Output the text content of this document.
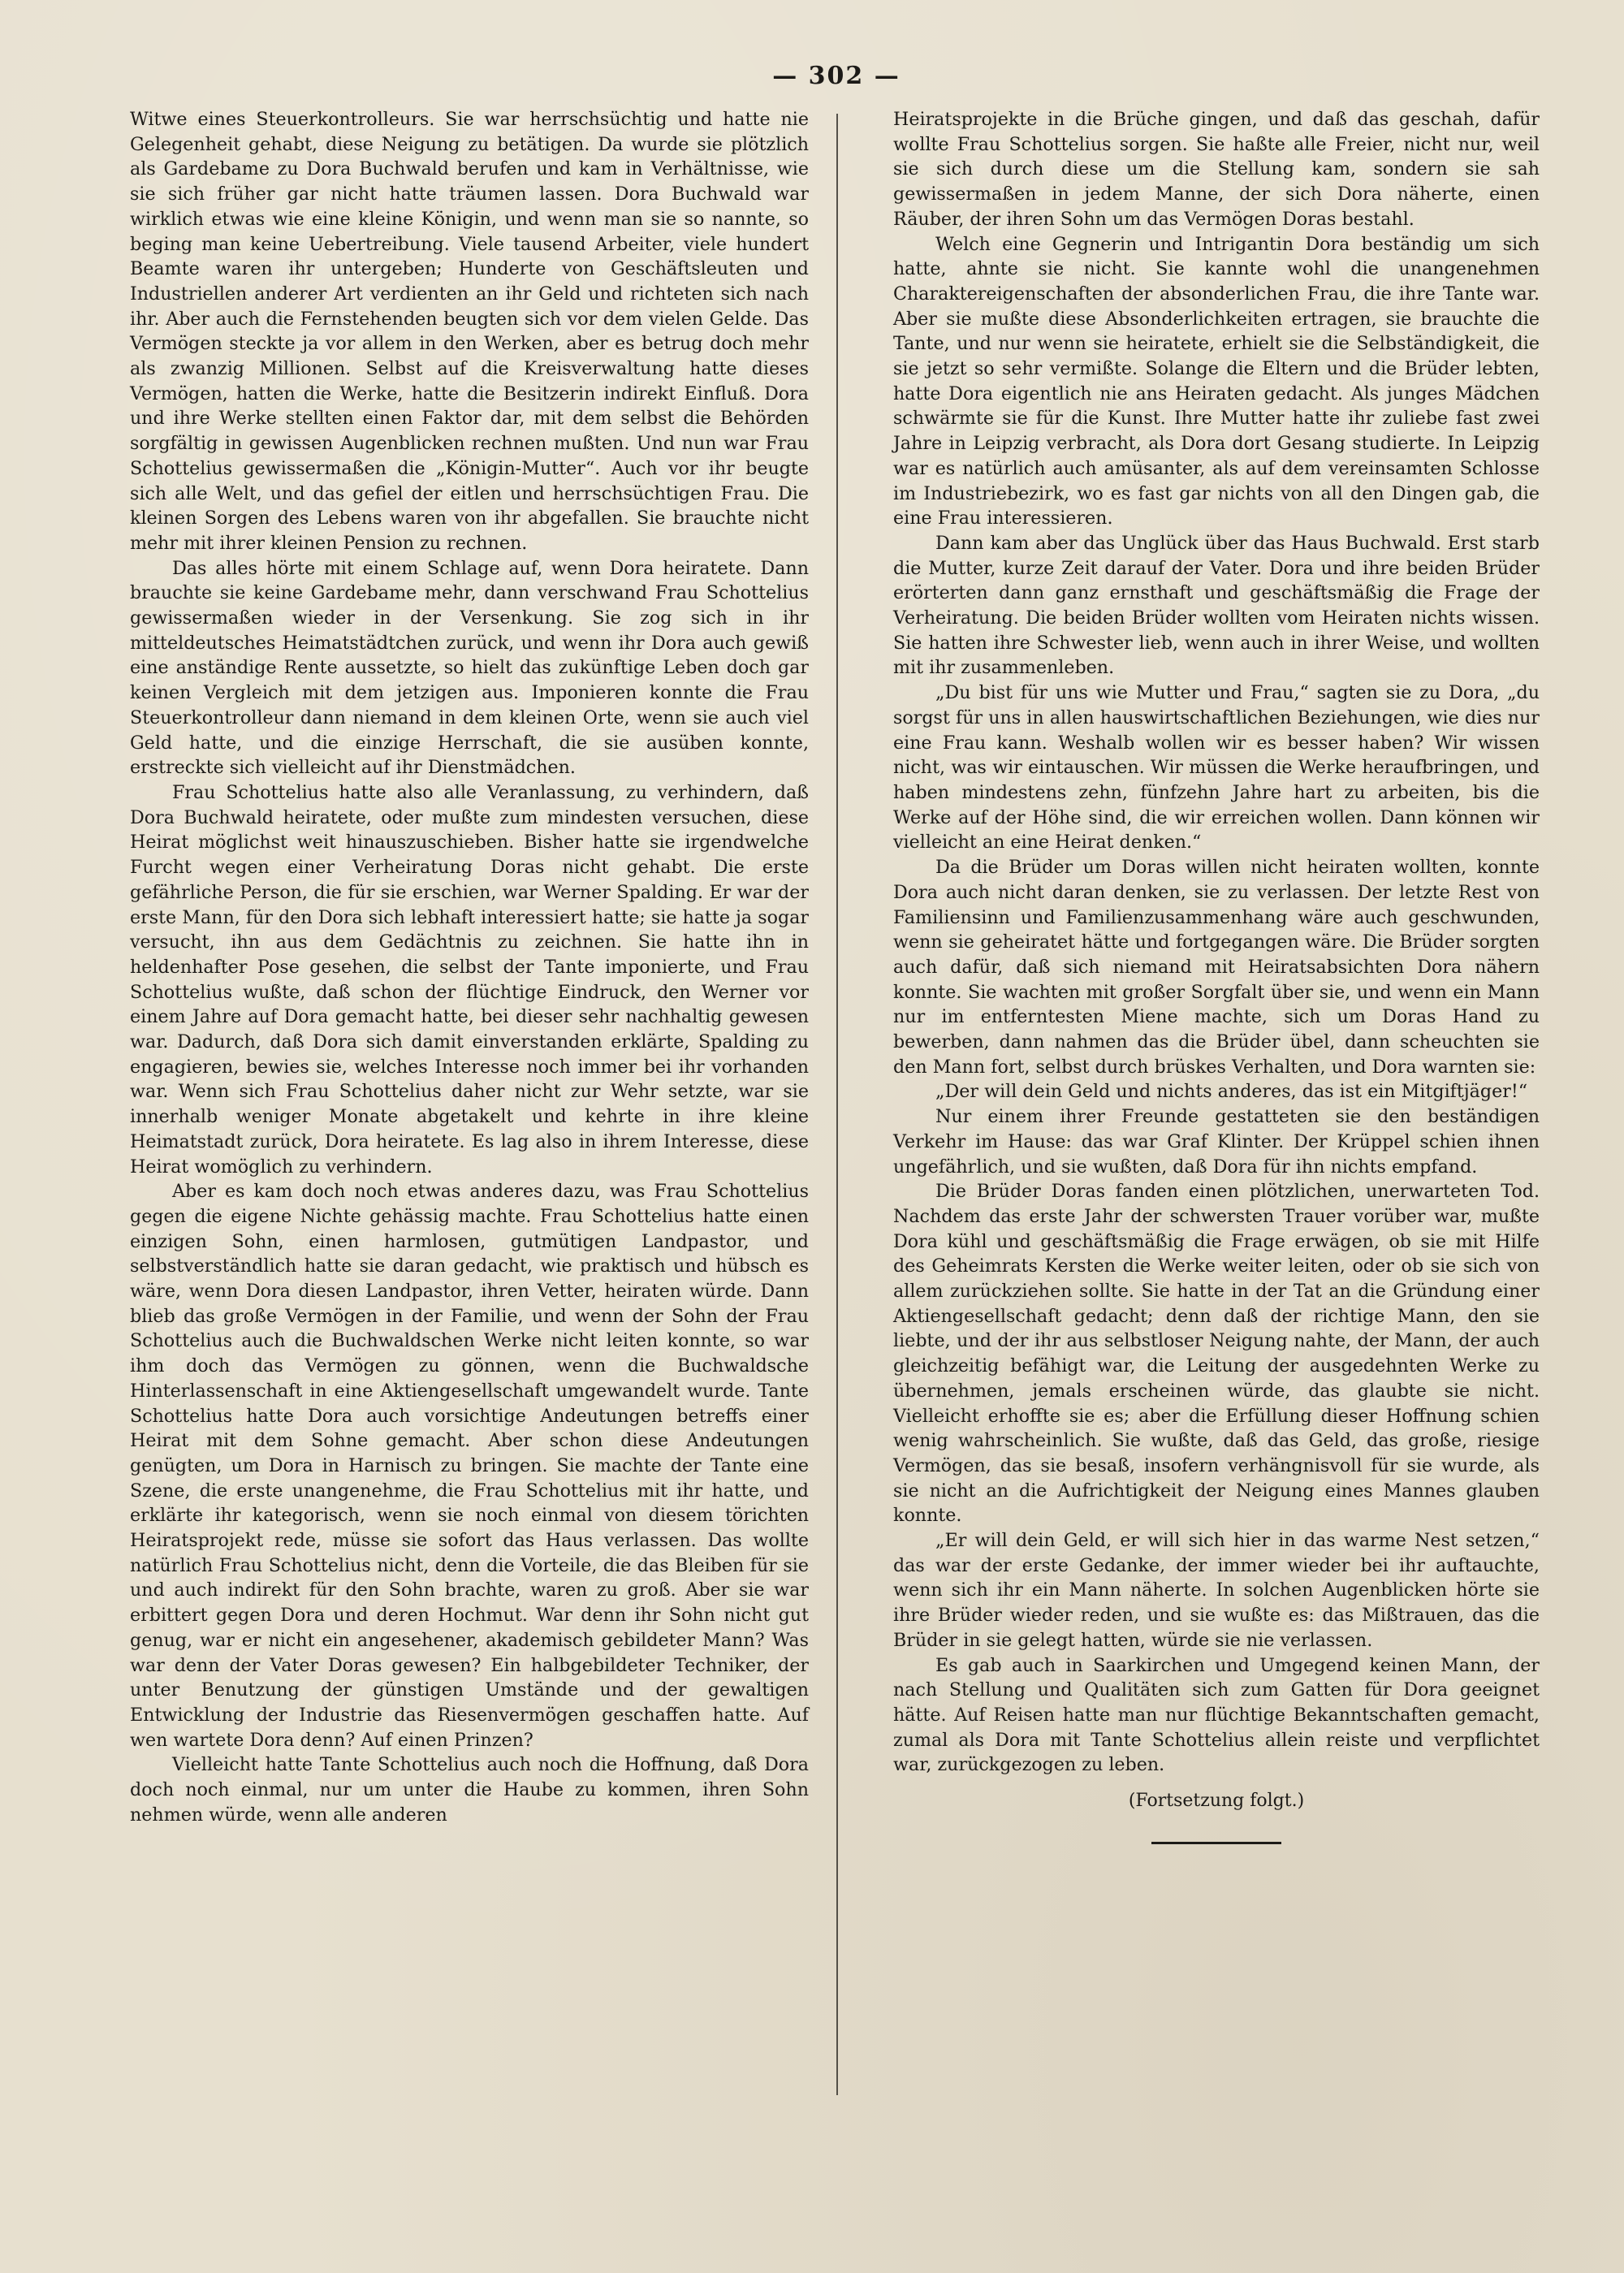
— 302 —

Witwe eines Steuerkontrolleurs. Sie war herrschsüchtig und hatte nie Gelegenheit gehabt, diese Neigung zu betätigen. Da wurde sie plötzlich als Gardebame zu Dora Buchwald berufen und kam in Verhältnisse, wie sie sich früher gar nicht hatte träumen lassen. Dora Buchwald war wirklich etwas wie eine kleine Königin, und wenn man sie so nannte, so beging man keine Uebertreibung. Viele tausend Arbeiter, viele hundert Beamte waren ihr untergeben; Hunderte von Geschäftsleuten und Industriellen anderer Art verdienten an ihr Geld und richteten sich nach ihr. Aber auch die Fernstehenden beugten sich vor dem vielen Gelde. Das Vermögen steckte ja vor allem in den Werken, aber es betrug doch mehr als zwanzig Millionen. Selbst auf die Kreisverwaltung hatte dieses Vermögen, hatten die Werke, hatte die Besitzerin indirekt Einfluß. Dora und ihre Werke stellten einen Faktor dar, mit dem selbst die Behörden sorgfältig in gewissen Augenblicken rechnen mußten. Und nun war Frau Schottelius gewissermaßen die „Königin-Mutter“. Auch vor ihr beugte sich alle Welt, und das gefiel der eitlen und herrschsüchtigen Frau. Die kleinen Sorgen des Lebens waren von ihr abgefallen. Sie brauchte nicht mehr mit ihrer kleinen Pension zu rechnen.

Das alles hörte mit einem Schlage auf, wenn Dora heiratete. Dann brauchte sie keine Gardebame mehr, dann verschwand Frau Schottelius gewissermaßen wieder in der Versenkung. Sie zog sich in ihr mitteldeutsches Heimatstädtchen zurück, und wenn ihr Dora auch gewiß eine anständige Rente aussetzte, so hielt das zukünftige Leben doch gar keinen Vergleich mit dem jetzigen aus. Imponieren konnte die Frau Steuerkontrolleur dann niemand in dem kleinen Orte, wenn sie auch viel Geld hatte, und die einzige Herrschaft, die sie ausüben konnte, erstreckte sich vielleicht auf ihr Dienstmädchen.

Frau Schottelius hatte also alle Veranlassung, zu verhindern, daß Dora Buchwald heiratete, oder mußte zum mindesten versuchen, diese Heirat möglichst weit hinauszuschieben. Bisher hatte sie irgendwelche Furcht wegen einer Verheiratung Doras nicht gehabt. Die erste gefährliche Person, die für sie erschien, war Werner Spalding. Er war der erste Mann, für den Dora sich lebhaft interessiert hatte; sie hatte ja sogar versucht, ihn aus dem Gedächtnis zu zeichnen. Sie hatte ihn in heldenhafter Pose gesehen, die selbst der Tante imponierte, und Frau Schottelius wußte, daß schon der flüchtige Eindruck, den Werner vor einem Jahre auf Dora gemacht hatte, bei dieser sehr nachhaltig gewesen war. Dadurch, daß Dora sich damit einverstanden erklärte, Spalding zu engagieren, bewies sie, welches Interesse noch immer bei ihr vorhanden war. Wenn sich Frau Schottelius daher nicht zur Wehr setzte, war sie innerhalb weniger Monate abgetakelt und kehrte in ihre kleine Heimatstadt zurück, Dora heiratete. Es lag also in ihrem Interesse, diese Heirat womöglich zu verhindern.

Aber es kam doch noch etwas anderes dazu, was Frau Schottelius gegen die eigene Nichte gehässig machte. Frau Schottelius hatte einen einzigen Sohn, einen harmlosen, gutmütigen Landpastor, und selbstverständlich hatte sie daran gedacht, wie praktisch und hübsch es wäre, wenn Dora diesen Landpastor, ihren Vetter, heiraten würde. Dann blieb das große Vermögen in der Familie, und wenn der Sohn der Frau Schottelius auch die Buchwaldschen Werke nicht leiten konnte, so war ihm doch das Vermögen zu gönnen, wenn die Buchwaldsche Hinterlassenschaft in eine Aktiengesellschaft umgewandelt wurde. Tante Schottelius hatte Dora auch vorsichtige Andeutungen betreffs einer Heirat mit dem Sohne gemacht. Aber schon diese Andeutungen genügten, um Dora in Harnisch zu bringen. Sie machte der Tante eine Szene, die erste unangenehme, die Frau Schottelius mit ihr hatte, und erklärte ihr kategorisch, wenn sie noch einmal von diesem törichten Heiratsprojekt rede, müsse sie sofort das Haus verlassen. Das wollte natürlich Frau Schottelius nicht, denn die Vorteile, die das Bleiben für sie und auch indirekt für den Sohn brachte, waren zu groß. Aber sie war erbittert gegen Dora und deren Hochmut. War denn ihr Sohn nicht gut genug, war er nicht ein angesehener, akademisch gebildeter Mann? Was war denn der Vater Doras gewesen? Ein halbgebildeter Techniker, der unter Benutzung der günstigen Umstände und der gewaltigen Entwicklung der Industrie das Riesenvermögen geschaffen hatte. Auf wen wartete Dora denn? Auf einen Prinzen?

Vielleicht hatte Tante Schottelius auch noch die Hoffnung, daß Dora doch noch einmal, nur um unter die Haube zu kommen, ihren Sohn nehmen würde, wenn alle anderen

Heiratsprojekte in die Brüche gingen, und daß das geschah, dafür wollte Frau Schottelius sorgen. Sie haßte alle Freier, nicht nur, weil sie sich durch diese um die Stellung kam, sondern sie sah gewissermaßen in jedem Manne, der sich Dora näherte, einen Räuber, der ihren Sohn um das Vermögen Doras bestahl.

Welch eine Gegnerin und Intrigantin Dora beständig um sich hatte, ahnte sie nicht. Sie kannte wohl die unangenehmen Charaktereigenschaften der absonderlichen Frau, die ihre Tante war. Aber sie mußte diese Absonderlichkeiten ertragen, sie brauchte die Tante, und nur wenn sie heiratete, erhielt sie die Selbständigkeit, die sie jetzt so sehr vermißte. Solange die Eltern und die Brüder lebten, hatte Dora eigentlich nie ans Heiraten gedacht. Als junges Mädchen schwärmte sie für die Kunst. Ihre Mutter hatte ihr zuliebe fast zwei Jahre in Leipzig verbracht, als Dora dort Gesang studierte. In Leipzig war es natürlich auch amüsanter, als auf dem vereinsamten Schlosse im Industriebezirk, wo es fast gar nichts von all den Dingen gab, die eine Frau interessieren.

Dann kam aber das Unglück über das Haus Buchwald. Erst starb die Mutter, kurze Zeit darauf der Vater. Dora und ihre beiden Brüder erörterten dann ganz ernsthaft und geschäftsmäßig die Frage der Verheiratung. Die beiden Brüder wollten vom Heiraten nichts wissen. Sie hatten ihre Schwester lieb, wenn auch in ihrer Weise, und wollten mit ihr zusammenleben.

„Du bist für uns wie Mutter und Frau,“ sagten sie zu Dora, „du sorgst für uns in allen hauswirtschaftlichen Beziehungen, wie dies nur eine Frau kann. Weshalb wollen wir es besser haben? Wir wissen nicht, was wir eintauschen. Wir müssen die Werke heraufbringen, und haben mindestens zehn, fünfzehn Jahre hart zu arbeiten, bis die Werke auf der Höhe sind, die wir erreichen wollen. Dann können wir vielleicht an eine Heirat denken.“

Da die Brüder um Doras willen nicht heiraten wollten, konnte Dora auch nicht daran denken, sie zu verlassen. Der letzte Rest von Familiensinn und Familienzusammenhang wäre auch geschwunden, wenn sie geheiratet hätte und fortgegangen wäre. Die Brüder sorgten auch dafür, daß sich niemand mit Heiratsabsichten Dora nähern konnte. Sie wachten mit großer Sorgfalt über sie, und wenn ein Mann nur im entferntesten Miene machte, sich um Doras Hand zu bewerben, dann nahmen das die Brüder übel, dann scheuchten sie den Mann fort, selbst durch brüskes Verhalten, und Dora warnten sie:

„Der will dein Geld und nichts anderes, das ist ein Mitgiftjäger!“

Nur einem ihrer Freunde gestatteten sie den beständigen Verkehr im Hause: das war Graf Klinter. Der Krüppel schien ihnen ungefährlich, und sie wußten, daß Dora für ihn nichts empfand.

Die Brüder Doras fanden einen plötzlichen, unerwarteten Tod. Nachdem das erste Jahr der schwersten Trauer vorüber war, mußte Dora kühl und geschäftsmäßig die Frage erwägen, ob sie mit Hilfe des Geheimrats Kersten die Werke weiter leiten, oder ob sie sich von allem zurückziehen sollte. Sie hatte in der Tat an die Gründung einer Aktiengesellschaft gedacht; denn daß der richtige Mann, den sie liebte, und der ihr aus selbstloser Neigung nahte, der Mann, der auch gleichzeitig befähigt war, die Leitung der ausgedehnten Werke zu übernehmen, jemals erscheinen würde, das glaubte sie nicht. Vielleicht erhoffte sie es; aber die Erfüllung dieser Hoffnung schien wenig wahrscheinlich. Sie wußte, daß das Geld, das große, riesige Vermögen, das sie besaß, insofern verhängnisvoll für sie wurde, als sie nicht an die Aufrichtigkeit der Neigung eines Mannes glauben konnte.

„Er will dein Geld, er will sich hier in das warme Nest setzen,“ das war der erste Gedanke, der immer wieder bei ihr auftauchte, wenn sich ihr ein Mann näherte. In solchen Augenblicken hörte sie ihre Brüder wieder reden, und sie wußte es: das Mißtrauen, das die Brüder in sie gelegt hatten, würde sie nie verlassen.

Es gab auch in Saarkirchen und Umgegend keinen Mann, der nach Stellung und Qualitäten sich zum Gatten für Dora geeignet hätte. Auf Reisen hatte man nur flüchtige Bekanntschaften gemacht, zumal als Dora mit Tante Schottelius allein reiste und verpflichtet war, zurückgezogen zu leben.

(Fortsetzung folgt.)
